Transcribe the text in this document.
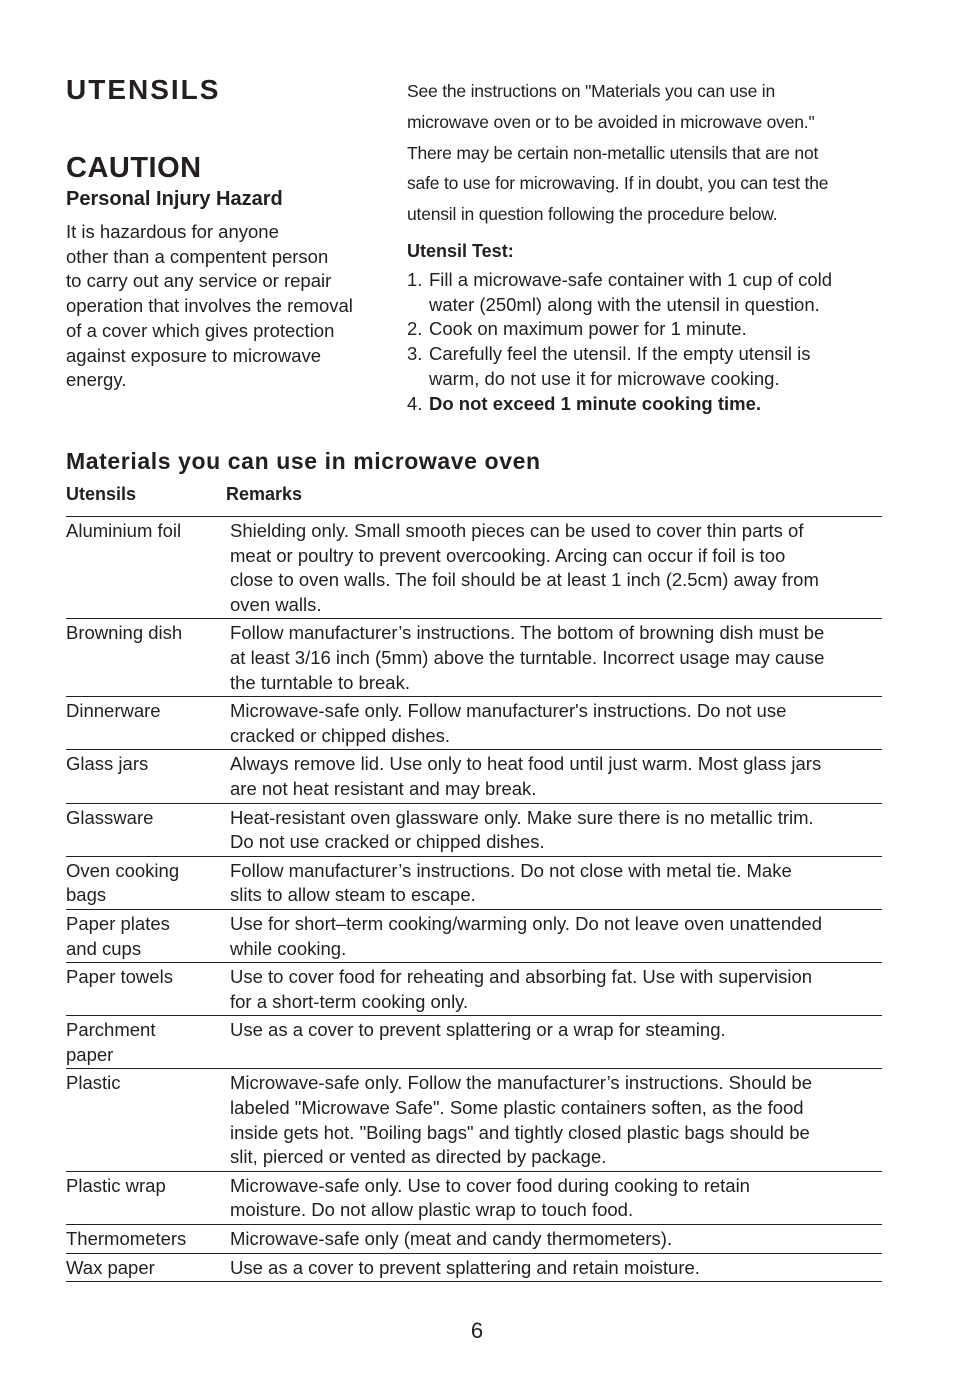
UTENSILS
CAUTION
Personal Injury Hazard

It is hazardous for anyone
other than a compentent person
to carry out any service or repair
operation that involves the removal
of a cover which gives protection
against exposure to microwave
energy.

See the instructions on "Materials you can use in
microwave oven or to be avoided in microwave oven."
There may be certain non-metallic utensils that are not
safe to use for microwaving. If in doubt, you can test the
utensil in question following the procedure below.

Utensil Test:
1. Fill a microwave-safe container with 1 cup of cold
water (250ml) along with the utensil in question.
2. Cook on maximum power for 1 minute.
3. Carefully feel the utensil. If the empty utensil is
warm, do not use it for microwave cooking.
4. Do not exceed 1 minute cooking time.
Materials you can use in microwave oven
Utensils	Remarks
Aluminium foil	Shielding only. Small smooth pieces can be used to cover thin parts of
meat or poultry to prevent overcooking. Arcing can occur if foil is too
close to oven walls. The foil should be at least 1 inch (2.5cm) away from
oven walls.

Browning dish	Follow manufacturer’s instructions. The bottom of browning dish must be
at least 3/16 inch (5mm) above the turntable. Incorrect usage may cause
the turntable to break.

Dinnerware	Microwave-safe only. Follow manufacturer's instructions. Do not use
cracked or chipped dishes.

Glass jars	Always remove lid. Use only to heat food until just warm. Most glass jars
are not heat resistant and may break.

Glassware	Heat-resistant oven glassware only. Make sure there is no metallic trim.
Do not use cracked or chipped dishes.

Oven cooking
bags	Follow manufacturer’s instructions. Do not close with metal tie. Make
slits to allow steam to escape.

Paper plates
and cups	Use for short–term cooking/warming only. Do not leave oven unattended
while cooking.

Paper towels	Use to cover food for reheating and absorbing fat. Use with supervision
for a short-term cooking only.

Parchment
paper	Use as a cover to prevent splattering or a wrap for steaming.

Plastic	Microwave-safe only. Follow the manufacturer’s instructions. Should be
labeled "Microwave Safe". Some plastic containers soften, as the food
inside gets hot. "Boiling bags" and tightly closed plastic bags should be
slit, pierced or vented as directed by package.

Plastic wrap	Microwave-safe only. Use to cover food during cooking to retain
moisture. Do not allow plastic wrap to touch food.

Thermometers	Microwave-safe only (meat and candy thermometers).

Wax paper	Use as a cover to prevent splattering and retain moisture.
6
